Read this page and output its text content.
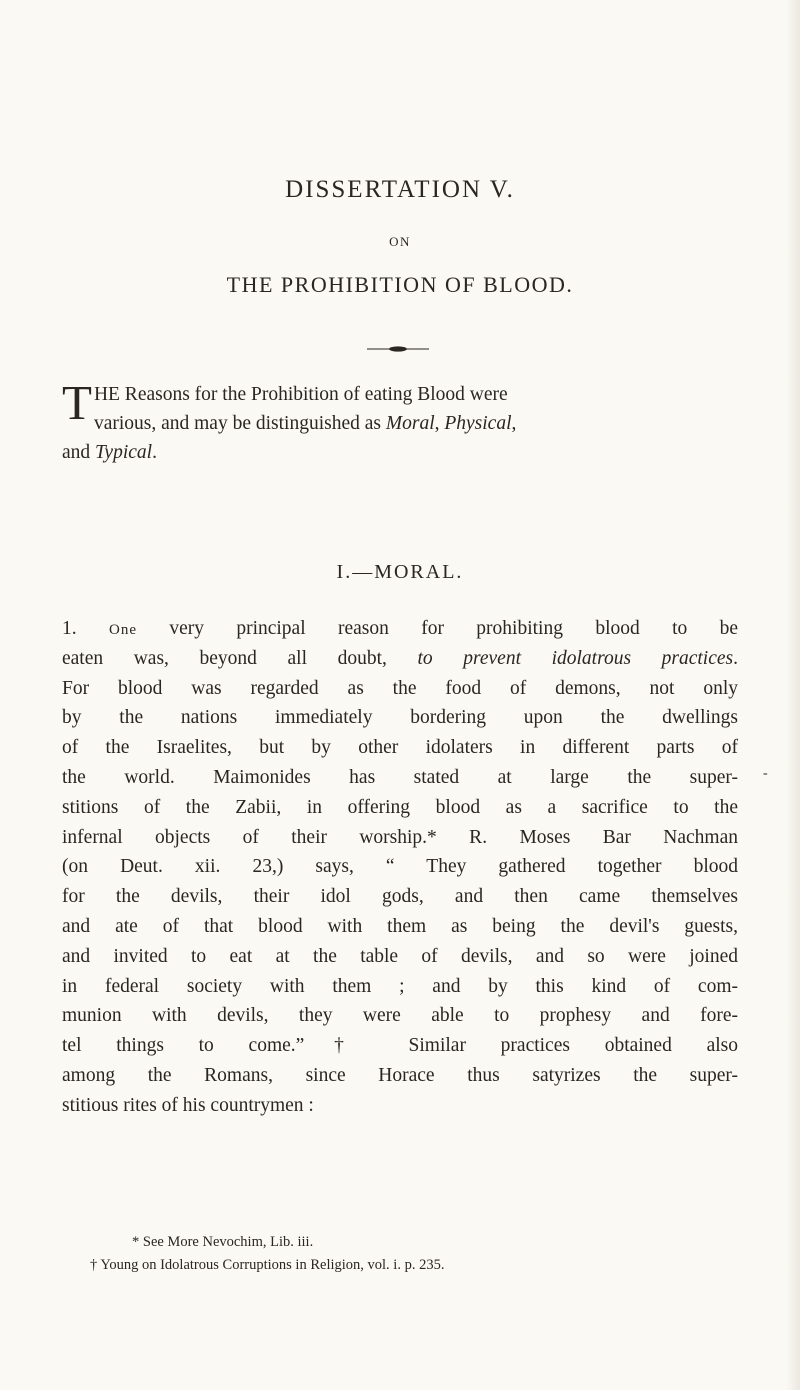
DISSERTATION V.
ON
THE PROHIBITION OF BLOOD.
T HE Reasons for the Prohibition of eating Blood were
various, and may be distinguished as Moral, Physical,
and Typical.
I.—MORAL.
1. One very principal reason for prohibiting blood to be
eaten was, beyond all doubt, to prevent idolatrous practices.
For blood was regarded as the food of demons, not only
by the nations immediately bordering upon the dwellings
of the Israelites, but by other idolaters in different parts of
the world. Maimonides has stated at large the super-
stitions of the Zabii, in offering blood as a sacrifice to the
infernal objects of their worship.* R. Moses Bar Nachman
(on Deut. xii. 23,) says, “ They gathered together blood
for the devils, their idol gods, and then came themselves
and ate of that blood with them as being the devil's guests,
and invited to eat at the table of devils, and so were joined
in federal society with them ; and by this kind of com-
munion with devils, they were able to prophesy and fore-
tel things to come.”† Similar practices obtained also
among the Romans, since Horace thus satyrizes the super-
stitious rites of his countrymen :
-
* See More Nevochim, Lib. iii.
† Young on Idolatrous Corruptions in Religion, vol. i. p. 235.
